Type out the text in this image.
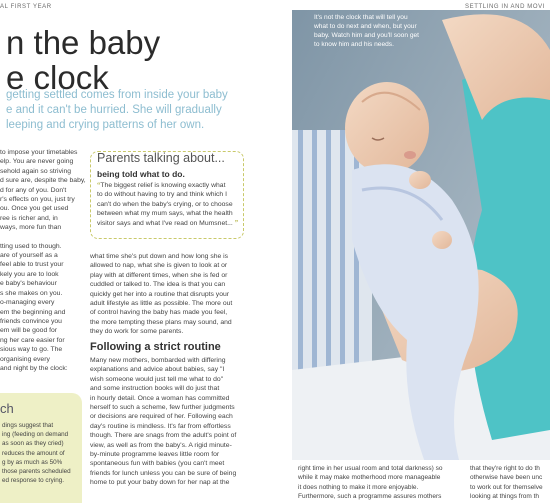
AL FIRST YEAR	SETTLING IN AND MOVI
n the baby
e clock
getting settled comes from inside your baby
e and it can't be hurried. She will gradually
leeping and crying patterns of her own.

to impose your timetables

elp. You are never going

sehold again so striving

d sure are, despite the baby,

d for any of you. Don't

r's effects on you, just try

ou. Once you get used

ree is richer and, in

ways, more fun than

tting used to though.

are of yourself as a

feel able to trust your

kely you are to look

e baby's behaviour

s she makes on you.

o-managing every

em the beginning and

friends convince you

em will be good for

ng her care easier for

sious way to go. The

organising every

and night by the clock:

ch

dings suggest that

ing (feeding on demand

as soon as they cried)

reduces the amount of

g by as much as 50%

those parents scheduled

ed response to crying.

Parents talking about...
being told what to do.

“The biggest relief is knowing exactly what

to do without having to try and think which I

can't do when the baby's crying, or to choose

between what my mum says, what the health

visitor says and what I've read on Mumsnet... ”

what time she's put down and how long she is

allowed to nap, what she is given to look at or

play with at different times, when she is fed or

cuddled or talked to. The idea is that you can

quickly get her into a routine that disrupts your

adult lifestyle as little as possible. The more out

of control having the baby has made you feel,

the more tempting these plans may sound, and

they do work for some parents.

Following a strict routine

Many new mothers, bombarded with differing

explanations and advice about babies, say "I

wish someone would just tell me what to do"

and some instruction books will do just that

in hourly detail. Once a woman has committed

herself to such a scheme, few further judgments

or decisions are required of her. Following each

day's routine is mindless. It's far from effortless

though. There are snags from the adult's point of

view, as well as from the baby's. A rigid minute-

by-minute programme leaves little room for

spontaneous fun with babies (you can't meet

friends for lunch unless you can be sure of being

home to put your baby down for her nap at the

It's not the clock that will tell you

what to do next and when, but your

baby. Watch him and you'll soon get

to know him and his needs.

right time in her usual room and total darkness) so

while it may make motherhood more manageable

it does nothing to make it more enjoyable.

Furthermore, such a programme assures mothers

that they're right to do th

otherwise have been unc

to work out for themselve

looking at things from th
